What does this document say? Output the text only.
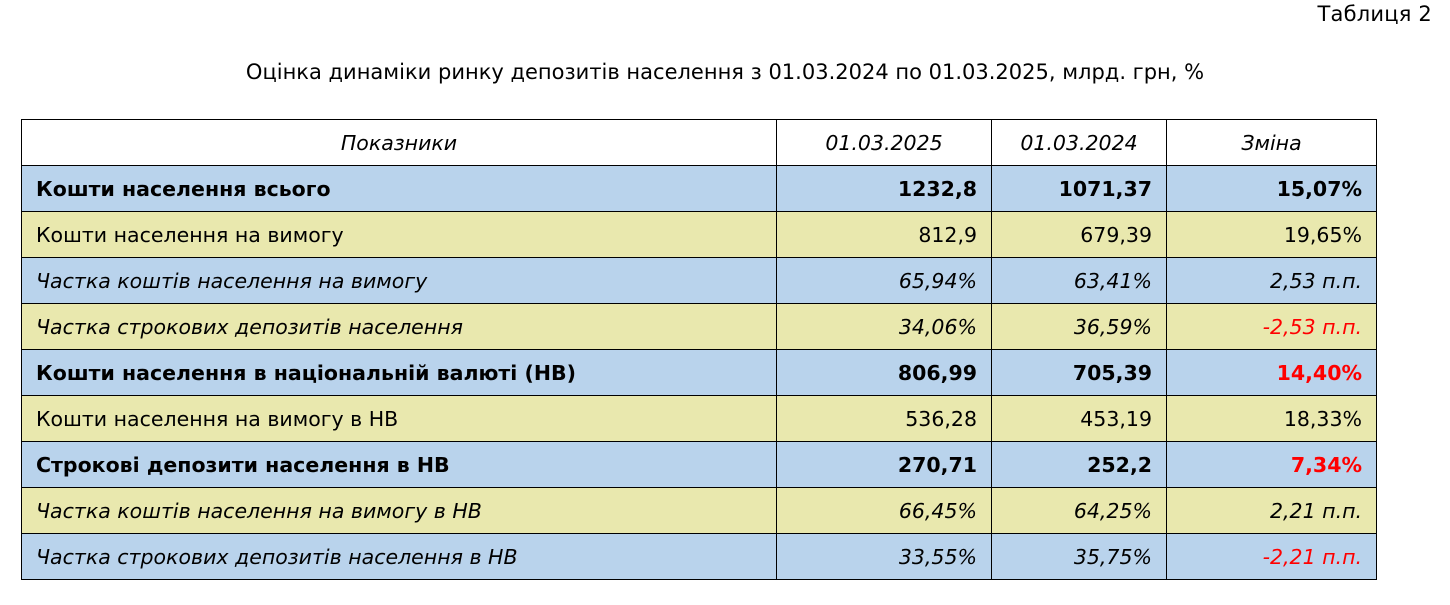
Таблиця 2
Оцінка динаміки ринку депозитів населення з 01.03.2024 по 01.03.2025, млрд. грн, %
Показники	01.03.2025	01.03.2024	Зміна
Кошти населення всього	1232,8	1071,37	15,07%
Кошти населення на вимогу	812,9	679,39	19,65%
Частка коштів населення на вимогу	65,94%	63,41%	2,53 п.п.
Частка строкових депозитів населення	34,06%	36,59%	-2,53 п.п.
Кошти населення в національній валюті (НВ)	806,99	705,39	14,40%
Кошти населення на вимогу в НВ	536,28	453,19	18,33%
Строкові депозити населення в НВ	270,71	252,2	7,34%
Частка коштів населення на вимогу в НВ	66,45%	64,25%	2,21 п.п.
Частка строкових депозитів населення в НВ	33,55%	35,75%	-2,21 п.п.
